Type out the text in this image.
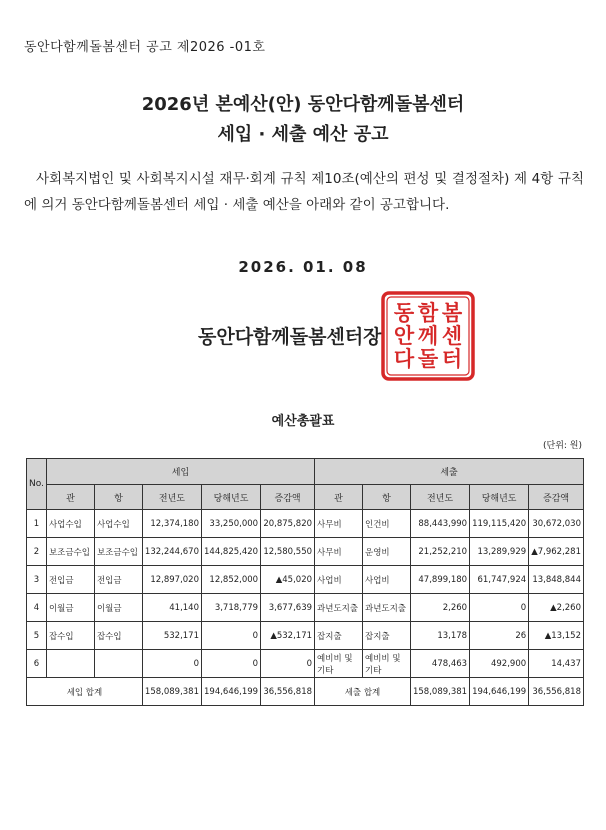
동안다함께돌봄센터 공고 제2026 -01호
2026년 본예산(안) 동안다함께돌봄센터
세입 · 세출 예산 공고
사회복지법인 및 사회복지시설 재무·회계 규칙 제10조(예산의 편성 및 결정절차) 제 4항 규칙에 의거 동안다함께돌봄센터 세입 · 세출 예산을 아래와 같이 공고합니다.
2026. 01. 08
동안다함께돌봄센터장
동 안 다
함 께 돌
봄 센 터
예산총괄표
(단위: 원)
No.	세입					세출				
	관	항	전년도	당해년도	증감액	관	항	전년도	당해년도	증감액
1	사업수입	사업수입	12,374,180	33,250,000	20,875,820	사무비	인건비	88,443,990	119,115,420	30,672,030
2	보조금수입	보조금수입	132,244,670	144,825,420	12,580,550	사무비	운영비	21,252,210	13,289,929	▲7,962,281
3	전입금	전입금	12,897,020	12,852,000	▲45,020	사업비	사업비	47,899,180	61,747,924	13,848,844
4	이월금	이월금	41,140	3,718,779	3,677,639	과년도지출	과년도지출	2,260	0	▲2,260
5	잡수입	잡수입	532,171	0	▲532,171	잡지출	잡지출	13,178	26	▲13,152
6			0	0	0	예비비 및 기타	예비비 및 기타	478,463	492,900	14,437
세입 합계			158,089,381	194,646,199	36,556,818	세출 합계		158,089,381	194,646,199	36,556,818
